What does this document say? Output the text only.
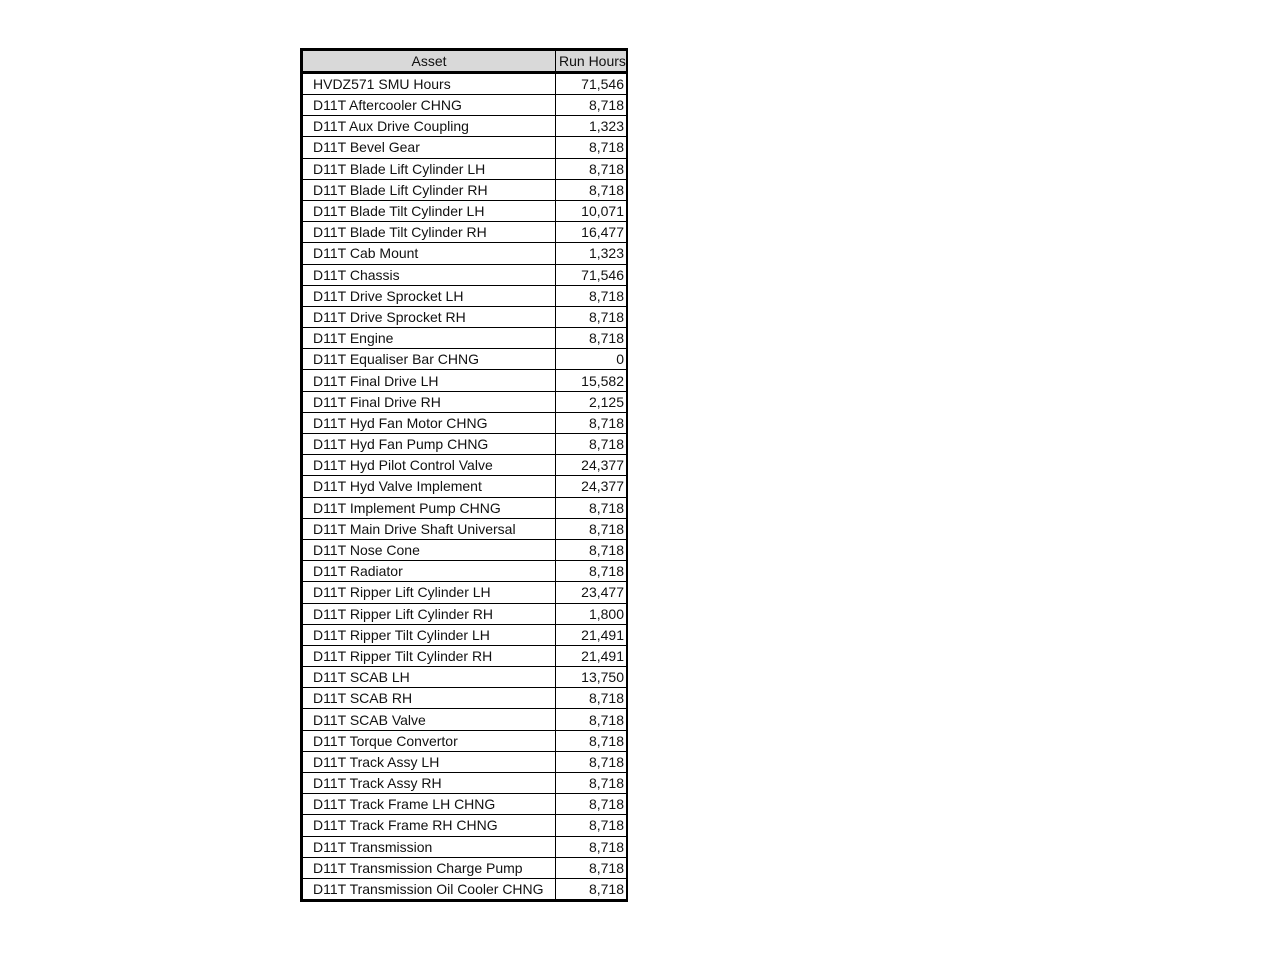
Asset	Run Hours
HVDZ571 SMU Hours	71,546
D11T Aftercooler CHNG	8,718
D11T Aux Drive Coupling	1,323
D11T Bevel Gear	8,718
D11T Blade Lift Cylinder LH	8,718
D11T Blade Lift Cylinder RH	8,718
D11T Blade Tilt Cylinder LH	10,071
D11T Blade Tilt Cylinder RH	16,477
D11T Cab Mount	1,323
D11T Chassis	71,546
D11T Drive Sprocket LH	8,718
D11T Drive Sprocket RH	8,718
D11T Engine	8,718
D11T Equaliser Bar CHNG	0
D11T Final Drive LH	15,582
D11T Final Drive RH	2,125
D11T Hyd Fan Motor CHNG	8,718
D11T Hyd Fan Pump CHNG	8,718
D11T Hyd Pilot Control Valve	24,377
D11T Hyd Valve Implement	24,377
D11T Implement Pump CHNG	8,718
D11T Main Drive Shaft Universal	8,718
D11T Nose Cone	8,718
D11T Radiator	8,718
D11T Ripper Lift Cylinder LH	23,477
D11T Ripper Lift Cylinder RH	1,800
D11T Ripper Tilt Cylinder LH	21,491
D11T Ripper Tilt Cylinder RH	21,491
D11T SCAB LH	13,750
D11T SCAB RH	8,718
D11T SCAB Valve	8,718
D11T Torque Convertor	8,718
D11T Track Assy LH	8,718
D11T Track Assy RH	8,718
D11T Track Frame LH CHNG	8,718
D11T Track Frame RH CHNG	8,718
D11T Transmission	8,718
D11T Transmission Charge Pump	8,718
D11T Transmission Oil Cooler CHNG	8,718
